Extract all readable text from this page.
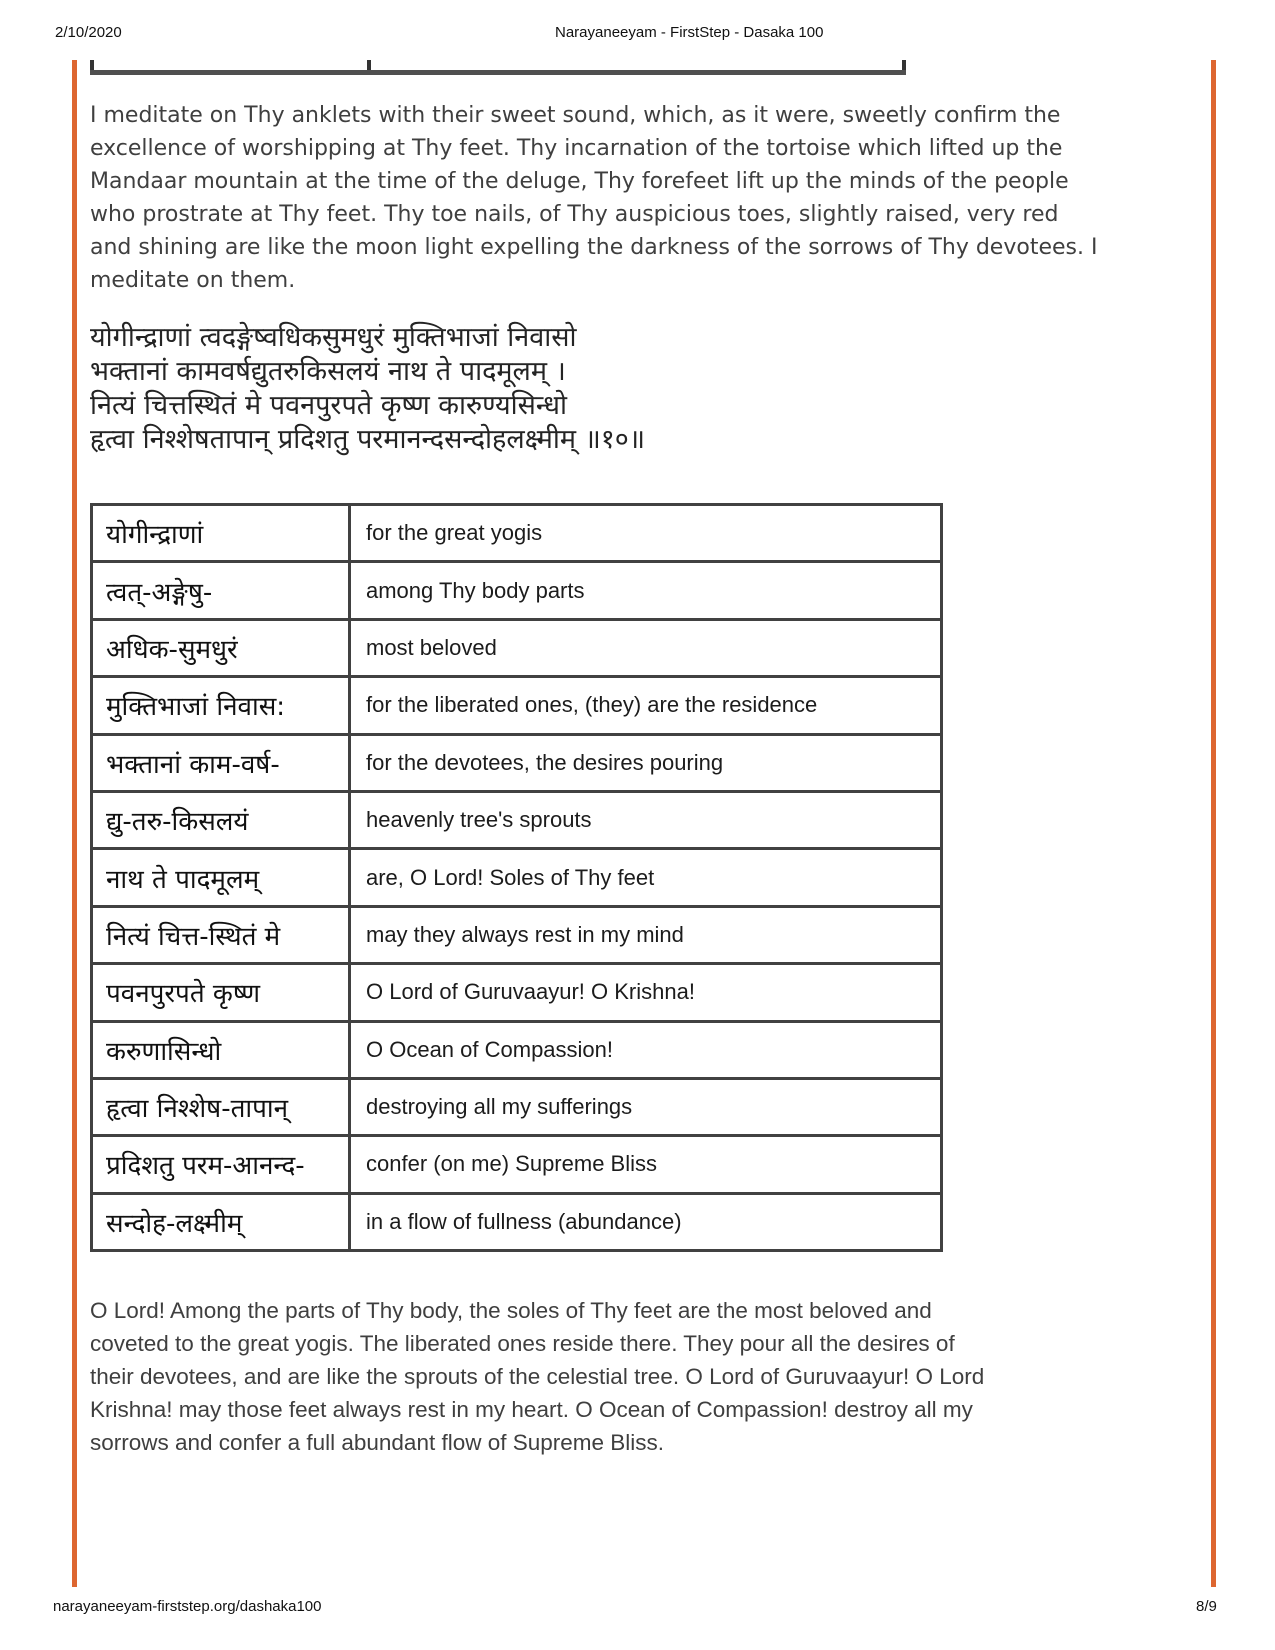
2/10/2020	Narayaneeyam - FirstStep - Dasaka 100
I meditate on Thy anklets with their sweet sound, which, as it were, sweetly confirm the
excellence of worshipping at Thy feet. Thy incarnation of the tortoise which lifted up the
Mandaar mountain at the time of the deluge, Thy forefeet lift up the minds of the people
who prostrate at Thy feet. Thy toe nails, of Thy auspicious toes, slightly raised, very red
and shining are like the moon light expelling the darkness of the sorrows of Thy devotees. I
meditate on them.
योगीन्द्राणां त्वदङ्गेष्वधिकसुमधुरं मुक्तिभाजां निवासो
भक्तानां कामवर्षद्युतरुकिसलयं नाथ ते पादमूलम् ।
नित्यं चित्तस्थितं मे पवनपुरपते कृष्ण कारुण्यसिन्धो
हृत्वा निश्शेषतापान् प्रदिशतु परमानन्दसन्दोहलक्ष्मीम् ॥१०॥
योगीन्द्राणां	for the great yogis
त्वत्-अङ्गेषु-	among Thy body parts
अधिक-सुमधुरं	most beloved
मुक्तिभाजां निवास:	for the liberated ones, (they) are the residence
भक्तानां काम-वर्ष-	for the devotees, the desires pouring
द्यु-तरु-किसलयं	heavenly tree's sprouts
नाथ ते पादमूलम्	are, O Lord! Soles of Thy feet
नित्यं चित्त-स्थितं मे	may they always rest in my mind
पवनपुरपते कृष्ण	O Lord of Guruvaayur! O Krishna!
करुणासिन्धो	O Ocean of Compassion!
हृत्वा निश्शेष-तापान्	destroying all my sufferings
प्रदिशतु परम-आनन्द-	confer (on me) Supreme Bliss
सन्दोह-लक्ष्मीम्	in a flow of fullness (abundance)
O Lord! Among the parts of Thy body, the soles of Thy feet are the most beloved and
coveted to the great yogis. The liberated ones reside there. They pour all the desires of
their devotees, and are like the sprouts of the celestial tree. O Lord of Guruvaayur! O Lord
Krishna! may those feet always rest in my heart. O Ocean of Compassion! destroy all my
sorrows and confer a full abundant flow of Supreme Bliss.
narayaneeyam-firststep.org/dashaka100	8/9
